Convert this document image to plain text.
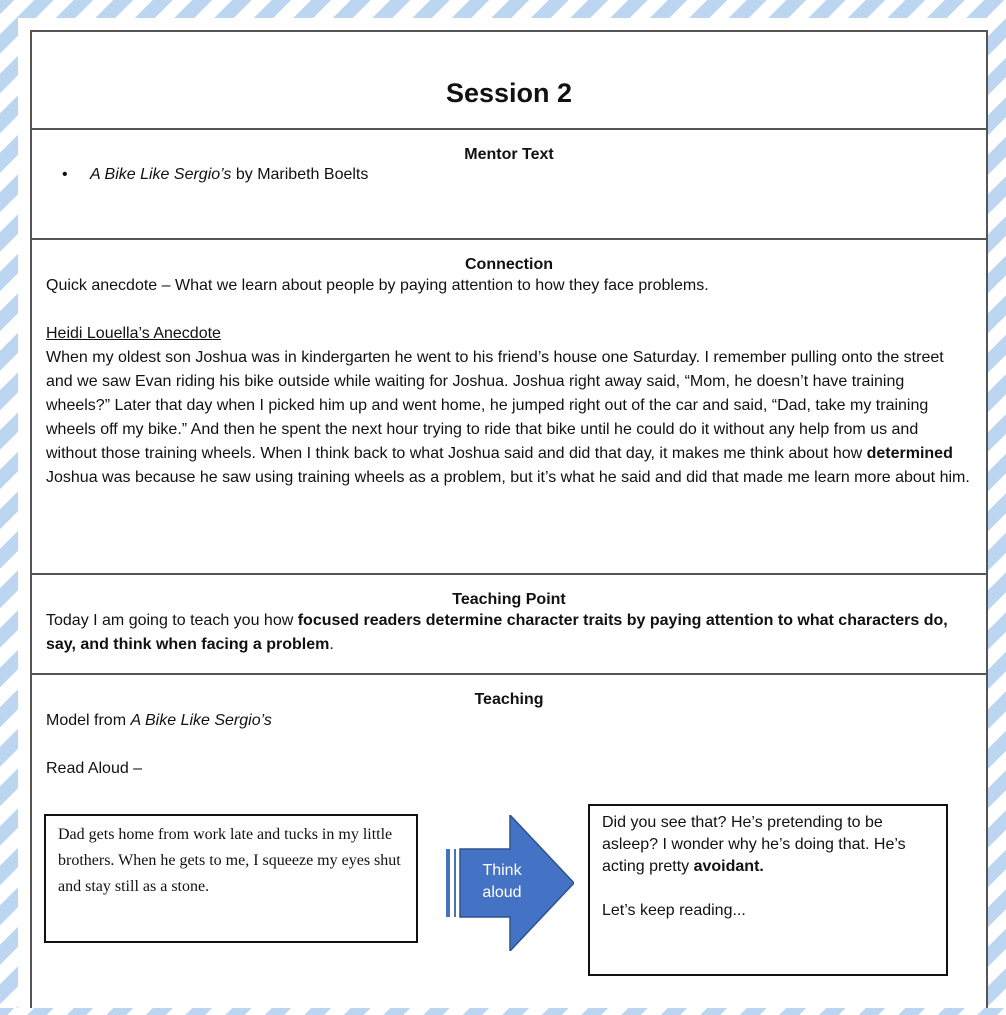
Session 2
Mentor Text
• A Bike Like Sergio’s by Maribeth Boelts
Connection

Quick anecdote – What we learn about people by paying attention to how they face problems.

Heidi Louella’s Anecdote

When my oldest son Joshua was in kindergarten he went to his friend’s house one Saturday. I remember pulling onto the street and we saw Evan riding his bike outside while waiting for Joshua. Joshua right away said, “Mom, he doesn’t have training wheels?” Later that day when I picked him up and went home, he jumped right out of the car and said, “Dad, take my training wheels off my bike.” And then he spent the next hour trying to ride that bike until he could do it without any help from us and without those training wheels. When I think back to what Joshua said and did that day, it makes me think about how determined Joshua was because he saw using training wheels as a problem, but it’s what he said and did that made me learn more about him.

Teaching Point

Today I am going to teach you how focused readers determine character traits by paying attention to what characters do, say, and think when facing a problem.

Teaching

Model from A Bike Like Sergio’s

Read Aloud –

Dad gets home from work late and tucks in my little brothers. When he gets to me, I squeeze my eyes shut and stay still as a stone.
Think
aloud

Did you see that? He’s pretending to be asleep? I wonder why he’s doing that. He’s acting pretty avoidant.

Let’s keep reading...
